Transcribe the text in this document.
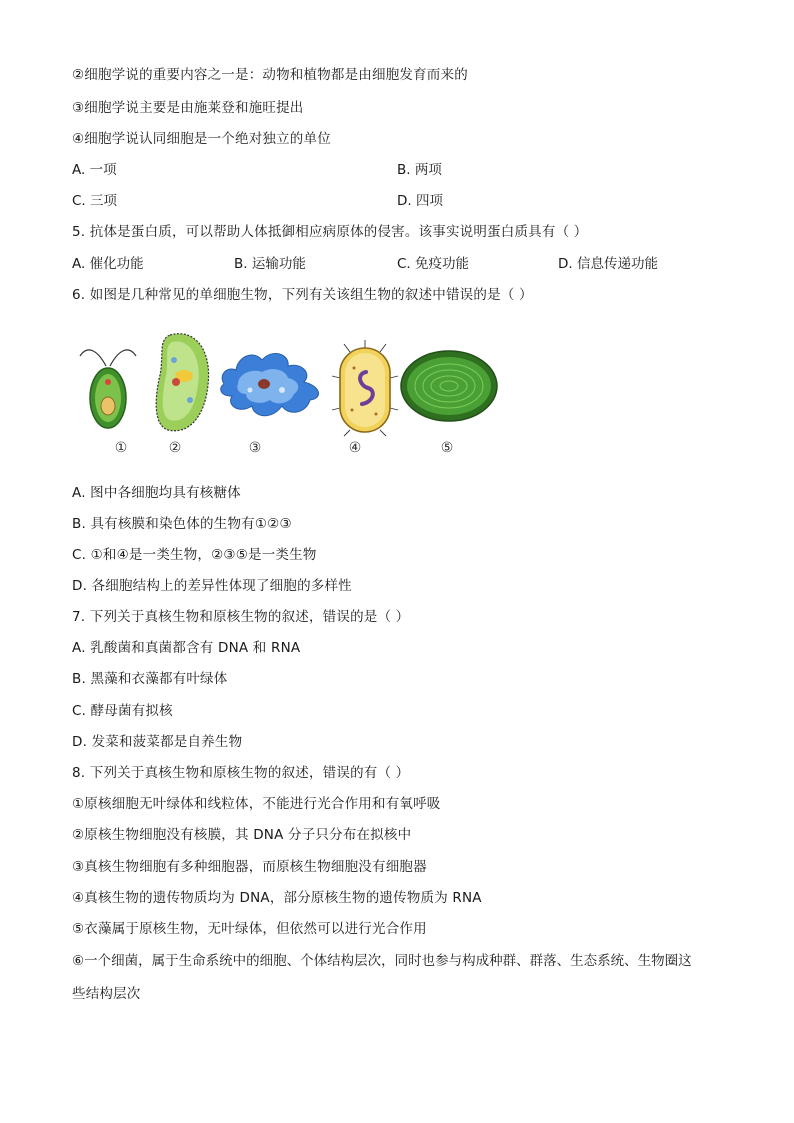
②细胞学说的重要内容之一是：动物和植物都是由细胞发育而来的
③细胞学说主要是由施莱登和施旺提出
④细胞学说认同细胞是一个绝对独立的单位
A. 一项	B. 两项
C. 三项	D. 四项
5. 抗体是蛋白质，可以帮助人体抵御相应病原体的侵害。该事实说明蛋白质具有（ ）
A. 催化功能	B. 运输功能	C. 免疫功能	D. 信息传递功能
6. 如图是几种常见的单细胞生物，下列有关该组生物的叙述中错误的是（ ）
①	②	③	④	⑤
A. 图中各细胞均具有核糖体
B. 具有核膜和染色体的生物有①②③
C. ①和④是一类生物，②③⑤是一类生物
D. 各细胞结构上的差异性体现了细胞的多样性
7. 下列关于真核生物和原核生物的叙述，错误的是（ ）
A. 乳酸菌和真菌都含有 DNA 和 RNA
B. 黑藻和衣藻都有叶绿体
C. 酵母菌有拟核
D. 发菜和菠菜都是自养生物
8. 下列关于真核生物和原核生物的叙述，错误的有（ ）
①原核细胞无叶绿体和线粒体，不能进行光合作用和有氧呼吸
②原核生物细胞没有核膜，其 DNA 分子只分布在拟核中
③真核生物细胞有多种细胞器，而原核生物细胞没有细胞器
④真核生物的遗传物质均为 DNA，部分原核生物的遗传物质为 RNA
⑤衣藻属于原核生物，无叶绿体，但依然可以进行光合作用
⑥一个细菌，属于生命系统中的细胞、个体结构层次，同时也参与构成种群、群落、生态系统、生物圈这
些结构层次
